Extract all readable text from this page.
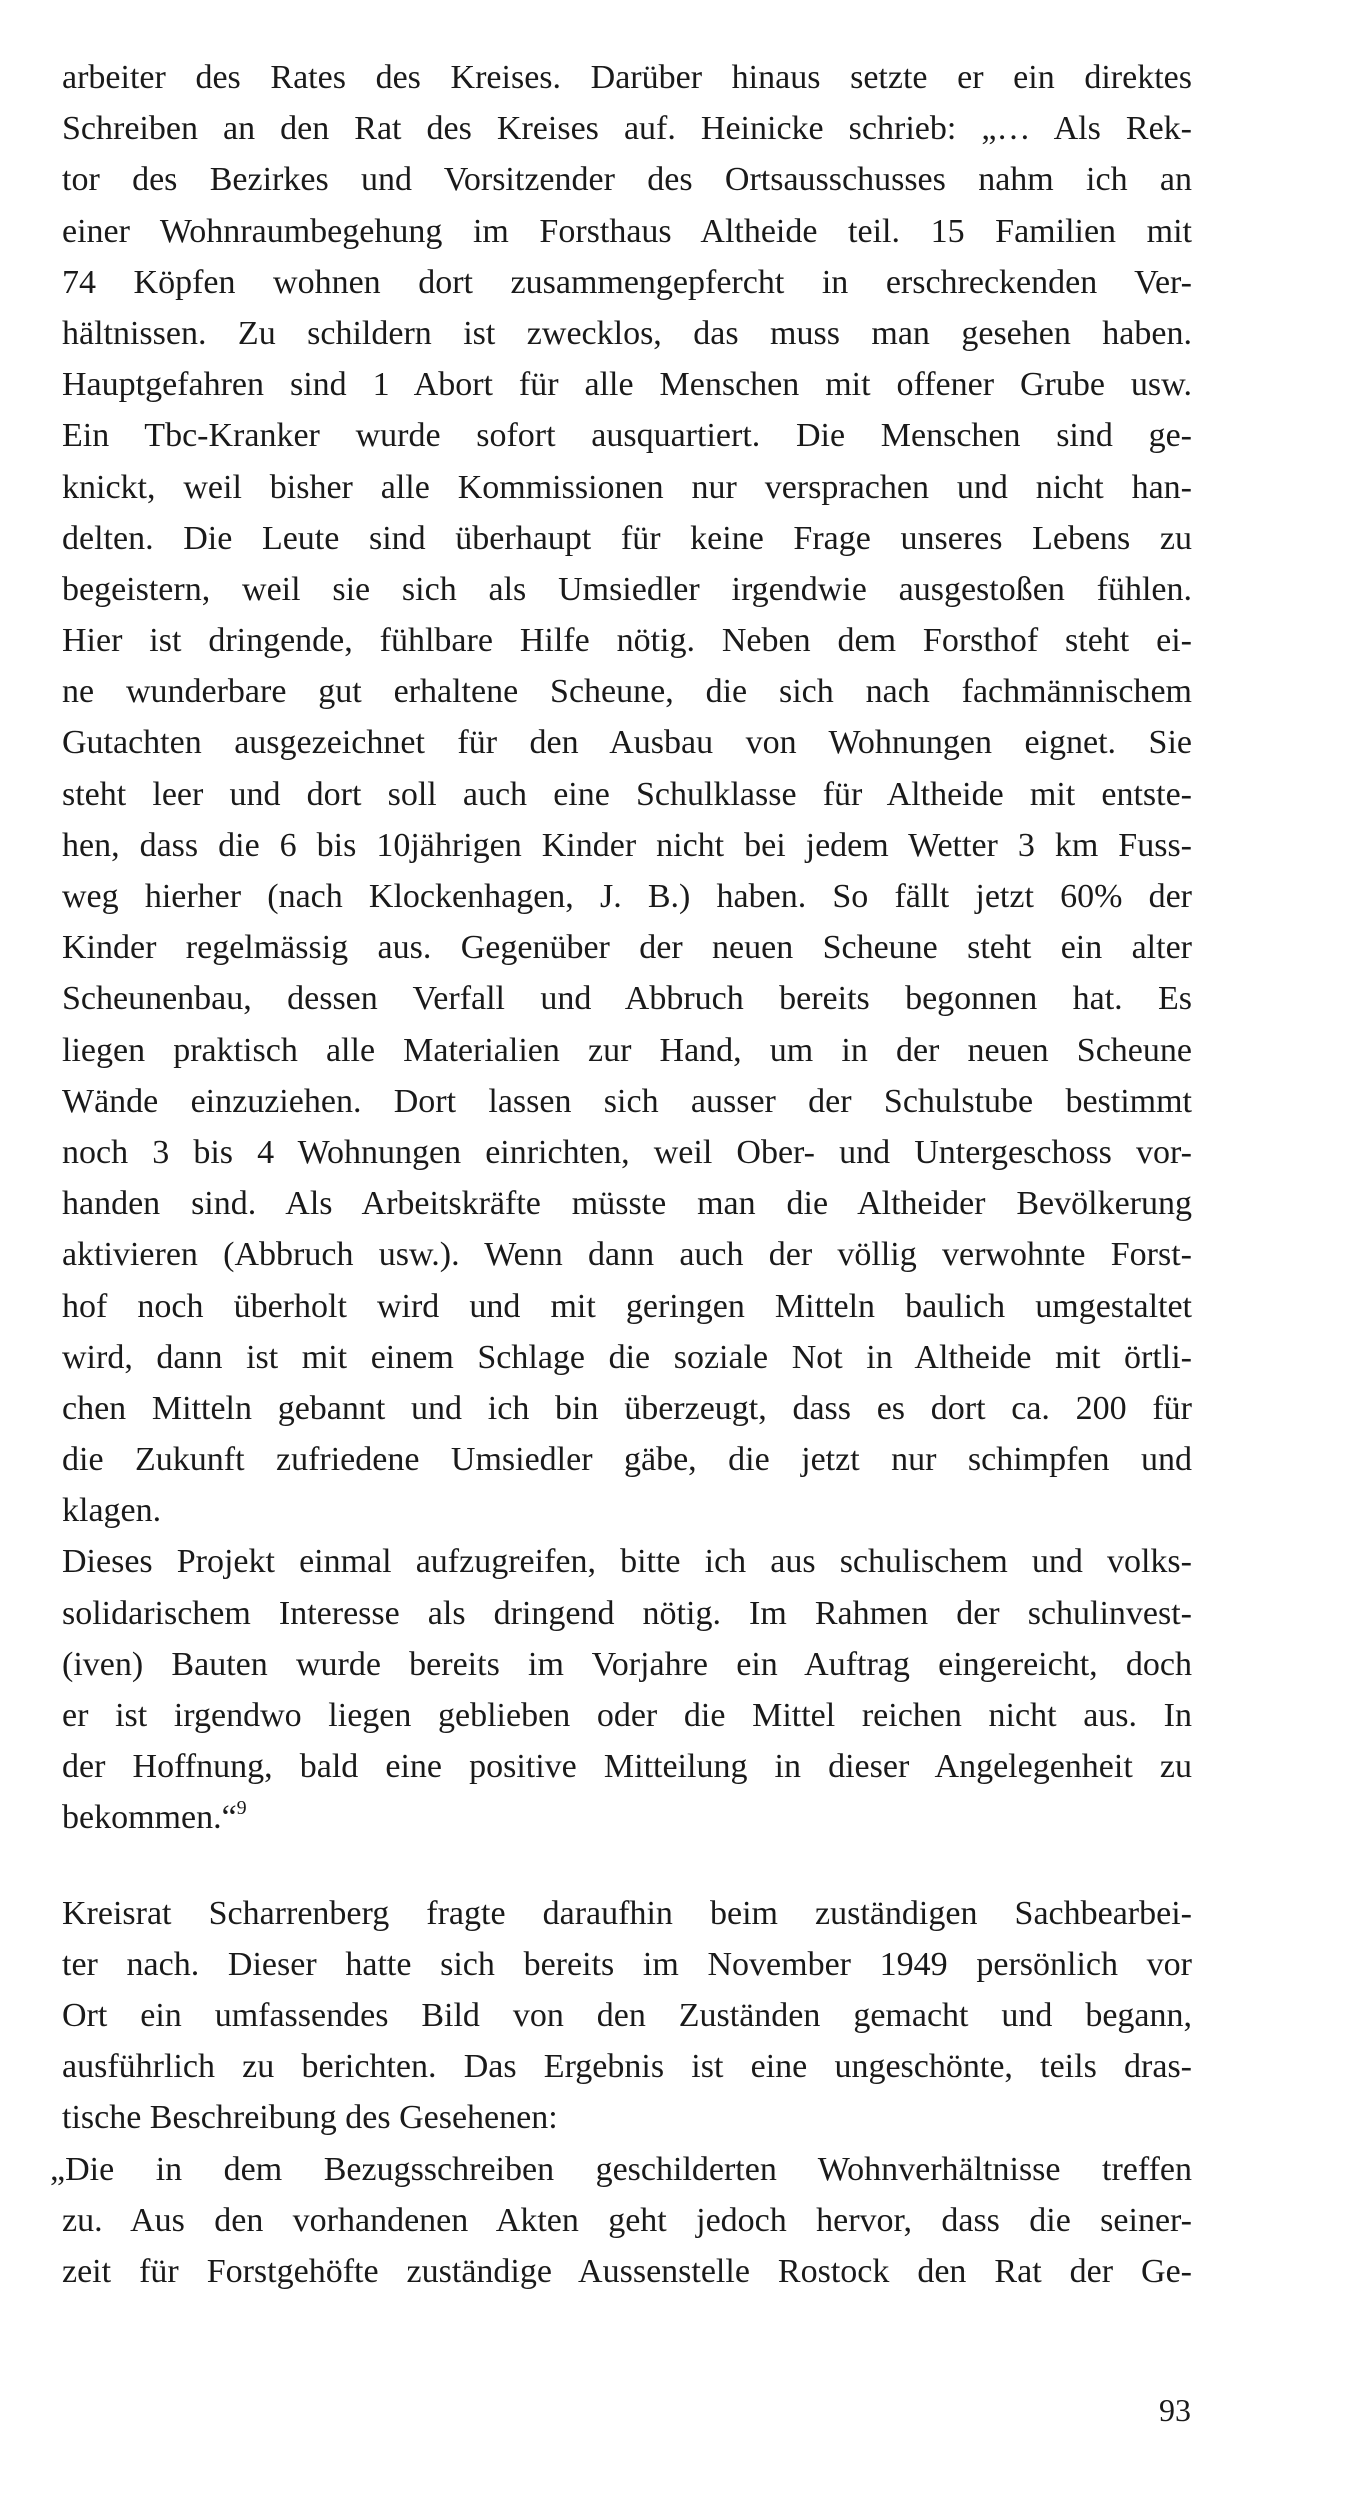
arbeiter des Rates des Kreises. Darüber hinaus setzte er ein direktes
Schreiben an den Rat des Kreises auf. Heinicke schrieb: „… Als Rek-
tor des Bezirkes und Vorsitzender des Ortsausschusses nahm ich an
einer Wohnraumbegehung im Forsthaus Altheide teil. 15 Familien mit
74 Köpfen wohnen dort zusammengepfercht in erschreckenden Ver-
hältnissen. Zu schildern ist zwecklos, das muss man gesehen haben.
Hauptgefahren sind 1 Abort für alle Menschen mit offener Grube usw.
Ein Tbc-Kranker wurde sofort ausquartiert. Die Menschen sind ge-
knickt, weil bisher alle Kommissionen nur versprachen und nicht han-
delten. Die Leute sind überhaupt für keine Frage unseres Lebens zu
begeistern, weil sie sich als Umsiedler irgendwie ausgestoßen fühlen.
Hier ist dringende, fühlbare Hilfe nötig. Neben dem Forsthof steht ei-
ne wunderbare gut erhaltene Scheune, die sich nach fachmännischem
Gutachten ausgezeichnet für den Ausbau von Wohnungen eignet. Sie
steht leer und dort soll auch eine Schulklasse für Altheide mit entste-
hen, dass die 6 bis 10jährigen Kinder nicht bei jedem Wetter 3 km Fuss-
weg hierher (nach Klockenhagen, J. B.) haben. So fällt jetzt 60% der
Kinder regelmässig aus. Gegenüber der neuen Scheune steht ein alter
Scheunenbau, dessen Verfall und Abbruch bereits begonnen hat. Es
liegen praktisch alle Materialien zur Hand, um in der neuen Scheune
Wände einzuziehen. Dort lassen sich ausser der Schulstube bestimmt
noch 3 bis 4 Wohnungen einrichten, weil Ober- und Untergeschoss vor-
handen sind. Als Arbeitskräfte müsste man die Altheider Bevölkerung
aktivieren (Abbruch usw.). Wenn dann auch der völlig verwohnte Forst-
hof noch überholt wird und mit geringen Mitteln baulich umgestaltet
wird, dann ist mit einem Schlage die soziale Not in Altheide mit örtli-
chen Mitteln gebannt und ich bin überzeugt, dass es dort ca. 200 für
die Zukunft zufriedene Umsiedler gäbe, die jetzt nur schimpfen und
klagen.
Dieses Projekt einmal aufzugreifen, bitte ich aus schulischem und volks-
solidarischem Interesse als dringend nötig. Im Rahmen der schulinvest-
(iven) Bauten wurde bereits im Vorjahre ein Auftrag eingereicht, doch
er ist irgendwo liegen geblieben oder die Mittel reichen nicht aus. In
der Hoffnung, bald eine positive Mitteilung in dieser Angelegenheit zu
bekommen.“$^9$
Kreisrat Scharrenberg fragte daraufhin beim zuständigen Sachbearbei-
ter nach. Dieser hatte sich bereits im November 1949 persönlich vor
Ort ein umfassendes Bild von den Zuständen gemacht und begann,
ausführlich zu berichten. Das Ergebnis ist eine ungeschönte, teils dras-
tische Beschreibung des Gesehenen:
„Die in dem Bezugsschreiben geschilderten Wohnverhältnisse treffen
zu. Aus den vorhandenen Akten geht jedoch hervor, dass die seiner-
zeit für Forstgehöfte zuständige Aussenstelle Rostock den Rat der Ge-
93
